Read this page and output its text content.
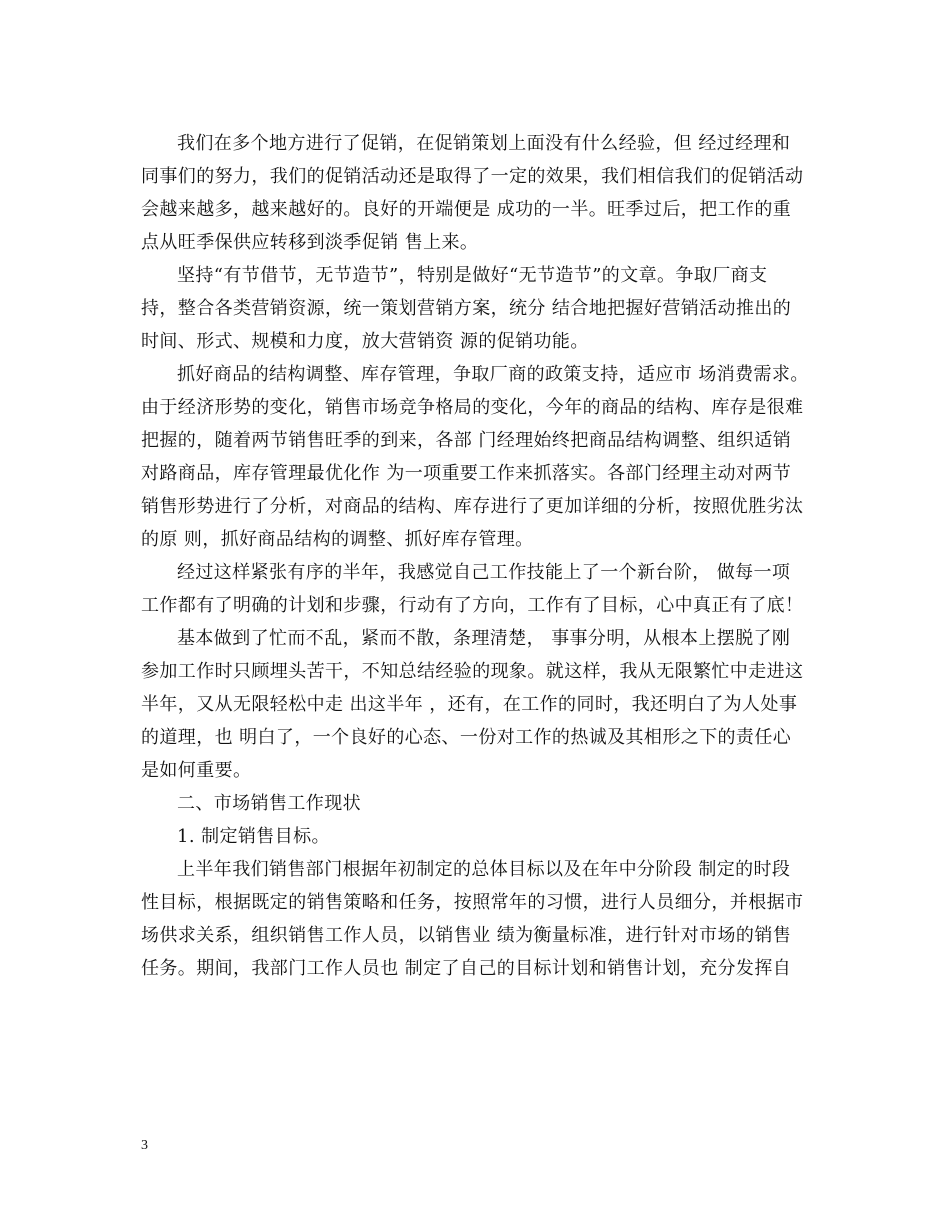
我们在多个地方进行了促销，在促销策划上面没有什么经验，但 经过经理和
同事们的努力，我们的促销活动还是取得了一定的效果，我们相信我们的促销活动
会越来越多，越来越好的。良好的开端便是 成功的一半。旺季过后，把工作的重
点从旺季保供应转移到淡季促销 售上来。
坚持“有节借节，无节造节”，特别是做好“无节造节”的文章。争取厂商支
持，整合各类营销资源，统一策划营销方案，统分 结合地把握好营销活动推出的
时间、形式、规模和力度，放大营销资 源的促销功能。
抓好商品的结构调整、库存管理，争取厂商的政策支持，适应市 场消费需求。
由于经济形势的变化，销售市场竞争格局的变化，今年的商品的结构、库存是很难
把握的，随着两节销售旺季的到来，各部 门经理始终把商品结构调整、组织适销
对路商品，库存管理最优化作 为一项重要工作来抓落实。各部门经理主动对两节
销售形势进行了分析，对商品的结构、库存进行了更加详细的分析，按照优胜劣汰
的原 则，抓好商品结构的调整、抓好库存管理。
经过这样紧张有序的半年，我感觉自己工作技能上了一个新台阶， 做每一项
工作都有了明确的计划和步骤，行动有了方向，工作有了目标，心中真正有了底！
基本做到了忙而不乱，紧而不散，条理清楚， 事事分明，从根本上摆脱了刚
参加工作时只顾埋头苦干，不知总结经验的现象。就这样，我从无限繁忙中走进这
半年，又从无限轻松中走 出这半年 ，还有，在工作的同时，我还明白了为人处事
的道理，也 明白了，一个良好的心态、一份对工作的热诚及其相形之下的责任心
是如何重要。
二、市场销售工作现状
1. 制定销售目标。
上半年我们销售部门根据年初制定的总体目标以及在年中分阶段 制定的时段
性目标，根据既定的销售策略和任务，按照常年的习惯，进行人员细分，并根据市
场供求关系，组织销售工作人员，以销售业 绩为衡量标准，进行针对市场的销售
任务。期间，我部门工作人员也 制定了自己的目标计划和销售计划，充分发挥自
3
